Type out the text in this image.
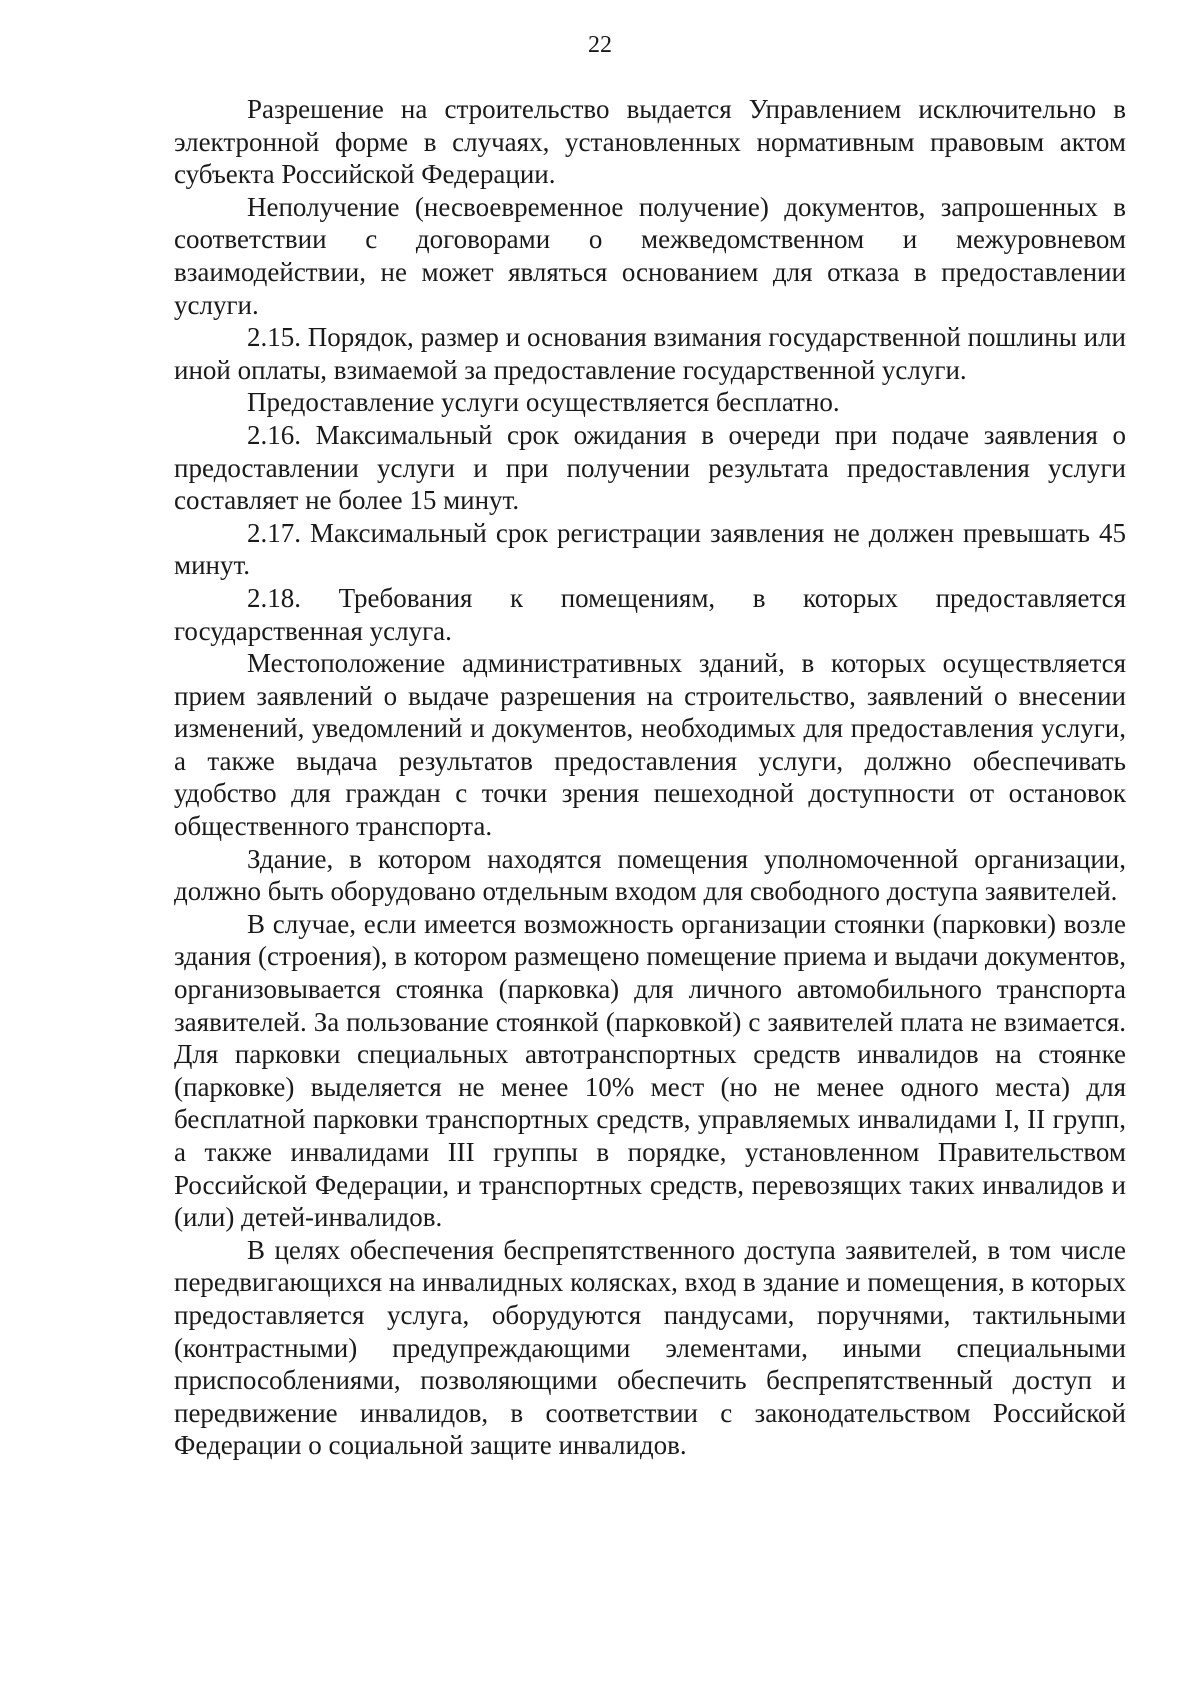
22

Разрешение на строительство выдается Управлением исключительно в электронной форме в случаях, установленных нормативным правовым актом субъекта Российской Федерации.

Неполучение (несвоевременное получение) документов, запрошенных в соответствии с договорами о межведомственном и межуровневом взаимодействии, не может являться основанием для отказа в предоставлении услуги.

2.15. Порядок, размер и основания взимания государственной пошлины или иной оплаты, взимаемой за предоставление государственной услуги.

Предоставление услуги осуществляется бесплатно.

2.16. Максимальный срок ожидания в очереди при подаче заявления о предоставлении услуги и при получении результата предоставления услуги составляет не более 15 минут.

2.17. Максимальный срок регистрации заявления не должен превышать 45 минут.

2.18. Требования к помещениям, в которых предоставляется государственная услуга.

Местоположение административных зданий, в которых осуществляется прием заявлений о выдаче разрешения на строительство, заявлений о внесении изменений, уведомлений и документов, необходимых для предоставления услуги, а также выдача результатов предоставления услуги, должно обеспечивать удобство для граждан с точки зрения пешеходной доступности от остановок общественного транспорта.

Здание, в котором находятся помещения уполномоченной организации, должно быть оборудовано отдельным входом для свободного доступа заявителей.

В случае, если имеется возможность организации стоянки (парковки) возле здания (строения), в котором размещено помещение приема и выдачи документов, организовывается стоянка (парковка) для личного автомобильного транспорта заявителей. За пользование стоянкой (парковкой) с заявителей плата не взимается. Для парковки специальных автотранспортных средств инвалидов на стоянке (парковке) выделяется не менее 10% мест (но не менее одного места) для бесплатной парковки транспортных средств, управляемых инвалидами I, II групп, а также инвалидами III группы в порядке, установленном Правительством Российской Федерации, и транспортных средств, перевозящих таких инвалидов и (или) детей-инвалидов.

В целях обеспечения беспрепятственного доступа заявителей, в том числе передвигающихся на инвалидных колясках, вход в здание и помещения, в которых предоставляется услуга, оборудуются пандусами, поручнями, тактильными (контрастными) предупреждающими элементами, иными специальными приспособлениями, позволяющими обеспечить беспрепятственный доступ и передвижение инвалидов, в соответствии с законодательством Российской Федерации о социальной защите инвалидов.
